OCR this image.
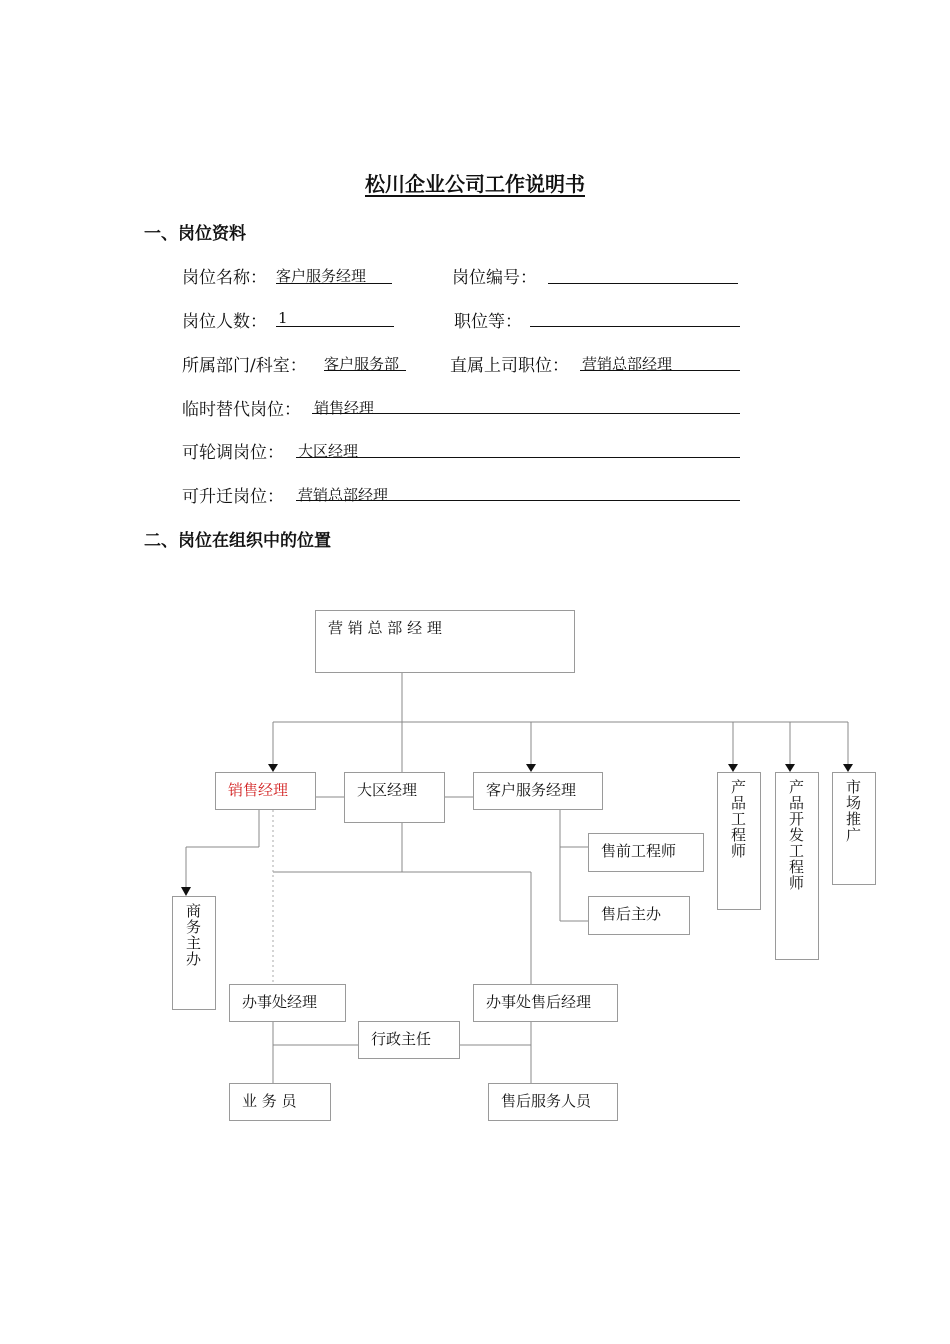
松川企业公司工作说明书
一、岗位资料
岗位名称： 客户服务经理	岗位编号：
岗位人数： 1	职位等：
所属部门/科室： 客户服务部	直属上司职位： 营销总部经理
临时替代岗位： 销售经理
可轮调岗位： 大区经理
可升迁岗位： 营销总部经理
二、岗位在组织中的位置
营 销 总 部 经 理
销售经理	大区经理	客户服务经理	产品工程师	产品开发工程师	市场推广
售前工程师
售后主办
商务主办
办事处经理	办事处售后经理
行政主任
业 务 员	售后服务人员
